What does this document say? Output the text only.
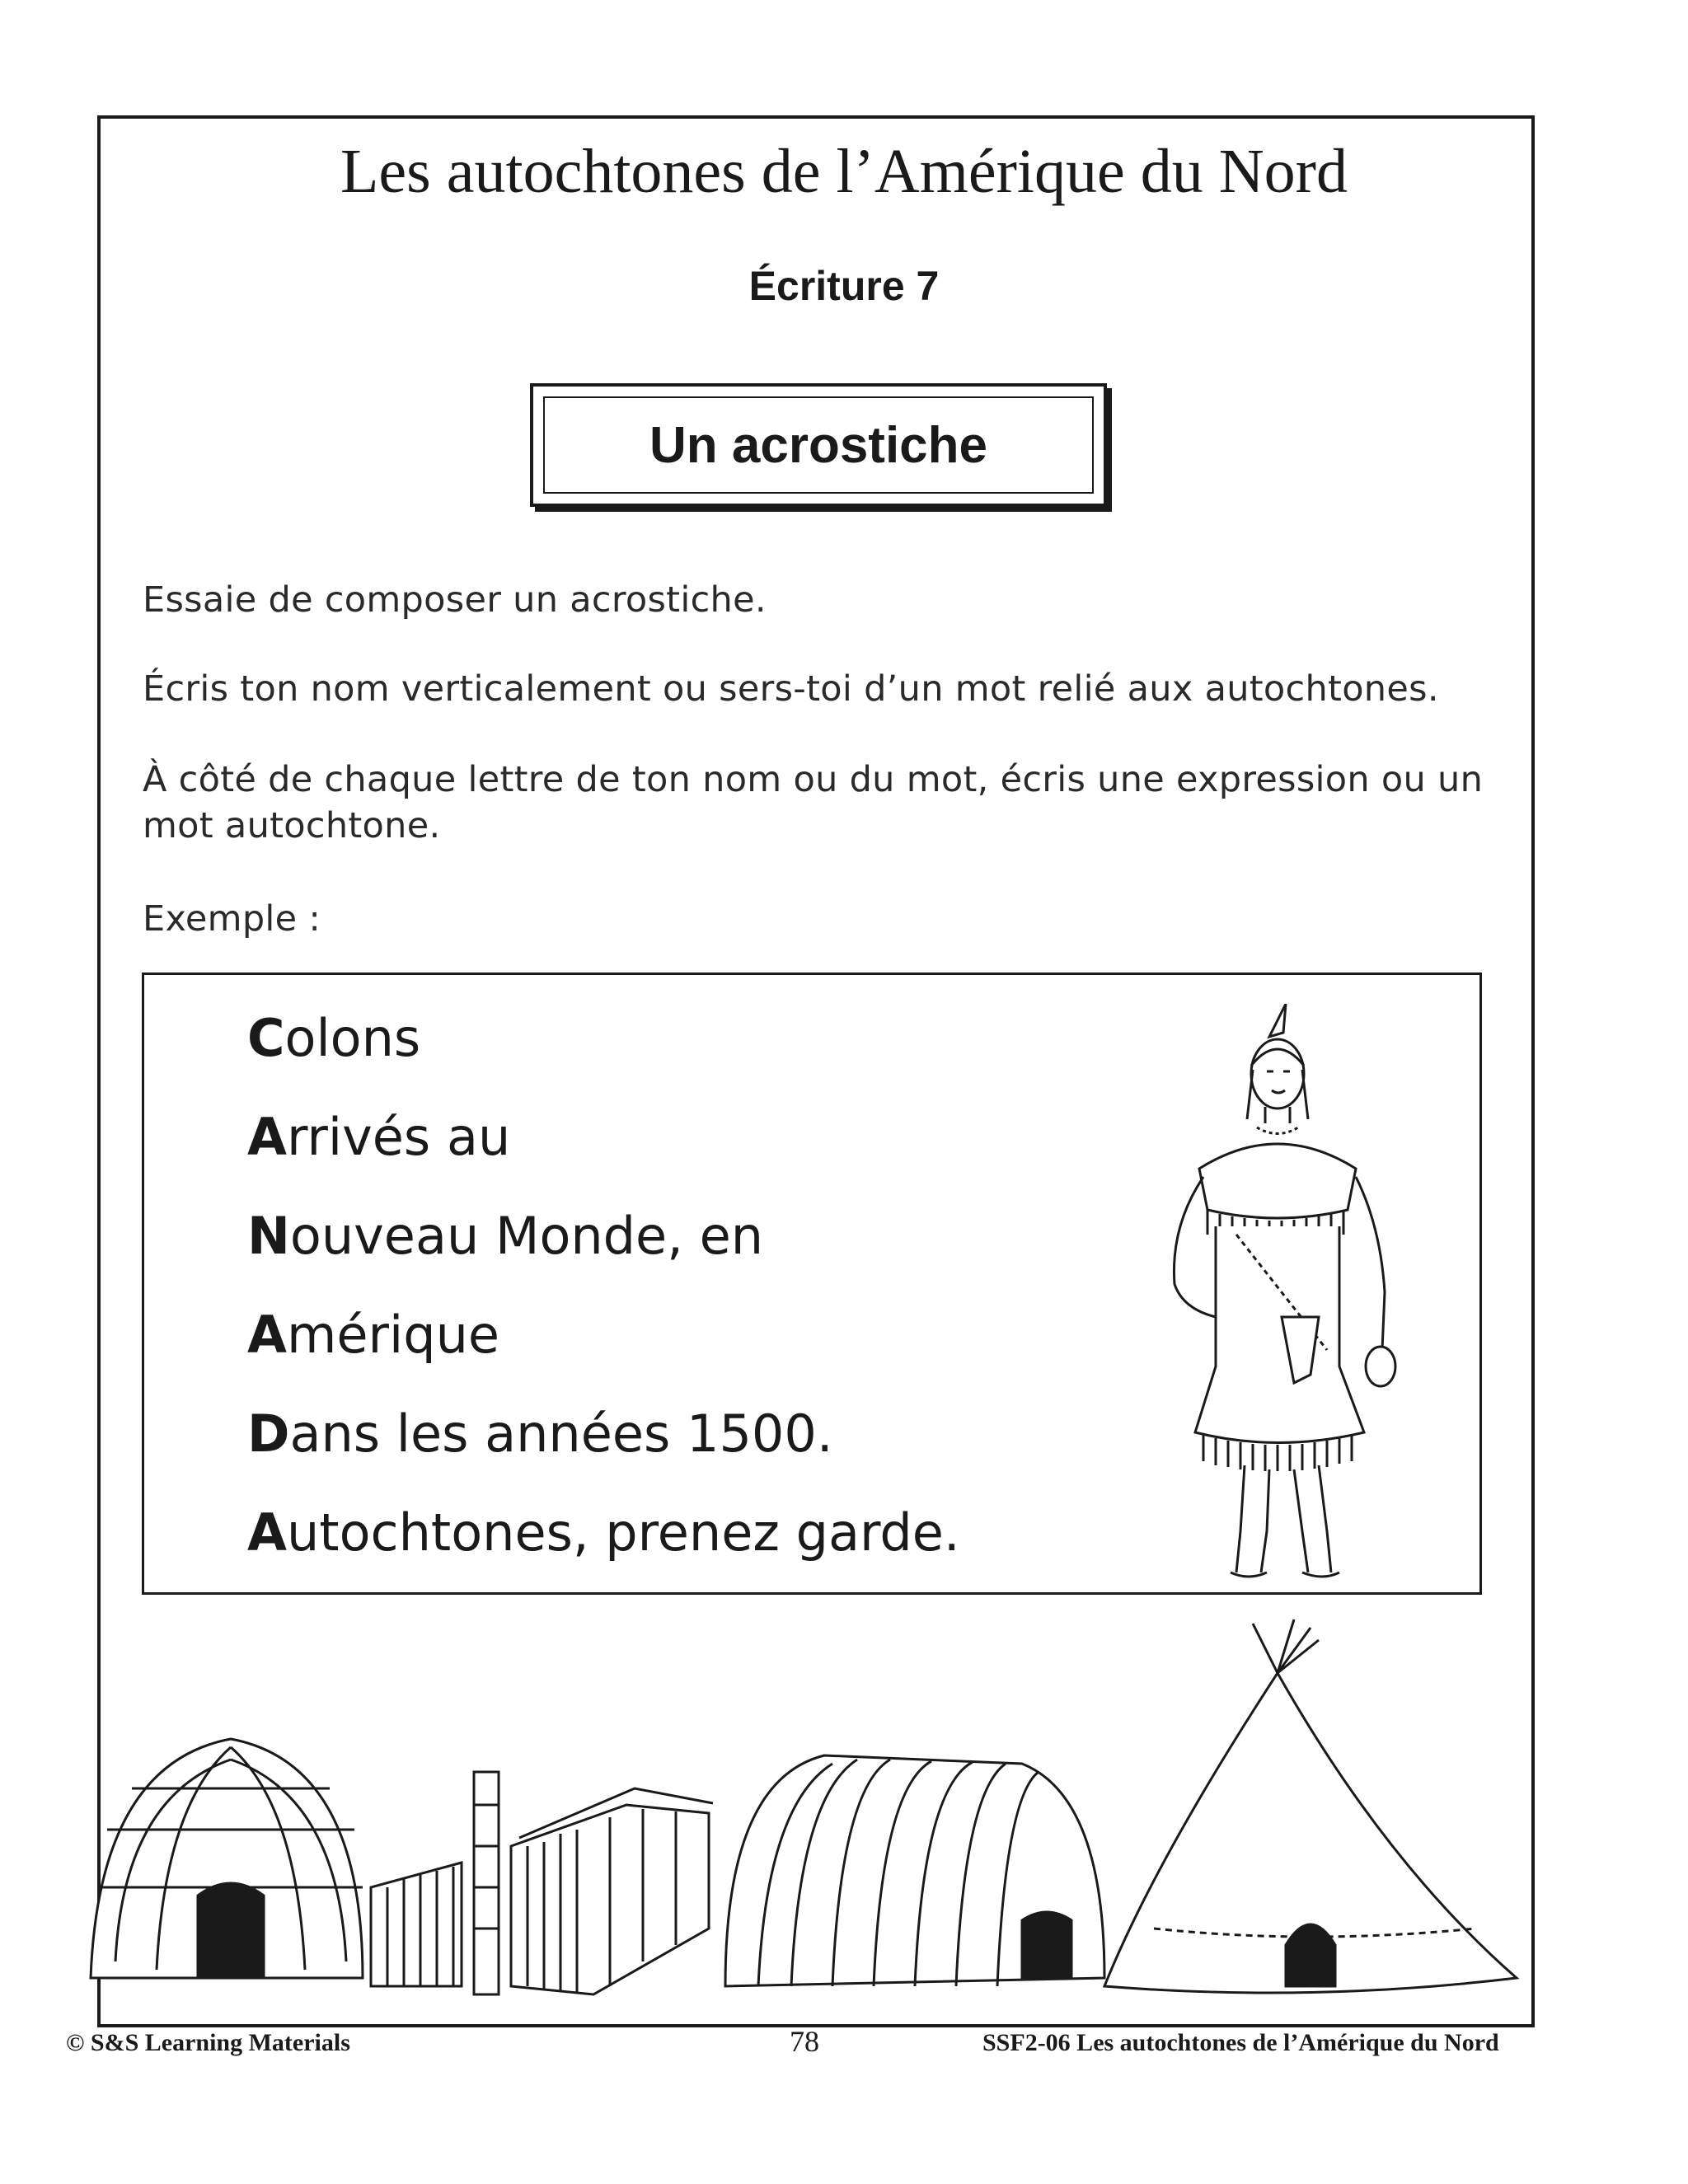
Les autochtones de l’Amérique du Nord
Écriture 7
Un acrostiche

Essaie de composer un acrostiche.

Écris ton nom verticalement ou sers-toi d’un mot relié aux autochtones.

À côté de chaque lettre de ton nom ou du mot, écris une expression ou un mot autochtone.

Exemple :

Colons

Arrivés au

Nouveau Monde, en

Amérique

Dans les années 1500.

Autochtones, prenez garde.

© S&S Learning Materials	78	SSF2-06 Les autochtones de l’Amérique du Nord
